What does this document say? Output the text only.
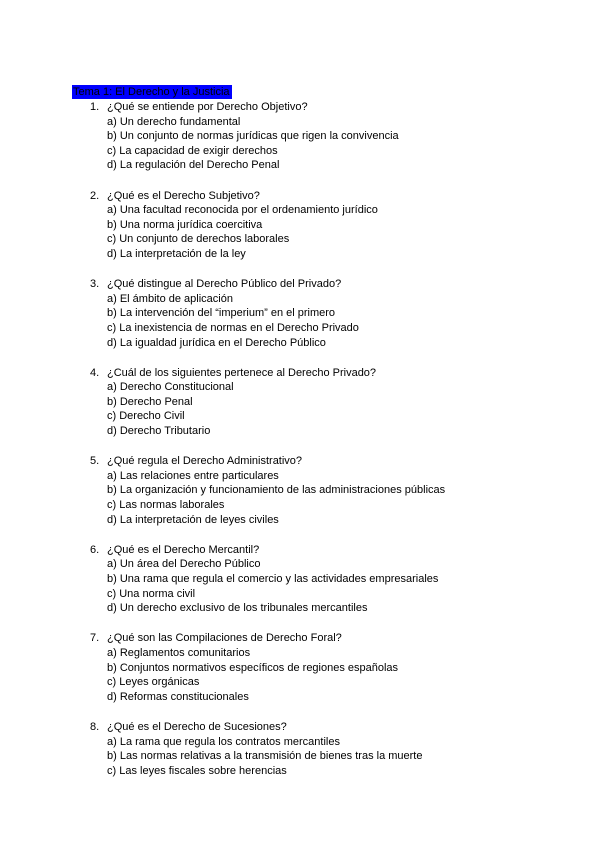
Tema 1: El Derecho y la Justicia
1. ¿Qué se entiende por Derecho Objetivo?
a) Un derecho fundamental
b) Un conjunto de normas jurídicas que rigen la convivencia
c) La capacidad de exigir derechos
d) La regulación del Derecho Penal
2. ¿Qué es el Derecho Subjetivo?
a) Una facultad reconocida por el ordenamiento jurídico
b) Una norma jurídica coercitiva
c) Un conjunto de derechos laborales
d) La interpretación de la ley
3. ¿Qué distingue al Derecho Público del Privado?
a) El ámbito de aplicación
b) La intervención del “imperium” en el primero
c) La inexistencia de normas en el Derecho Privado
d) La igualdad jurídica en el Derecho Público
4. ¿Cuál de los siguientes pertenece al Derecho Privado?
a) Derecho Constitucional
b) Derecho Penal
c) Derecho Civil
d) Derecho Tributario
5. ¿Qué regula el Derecho Administrativo?
a) Las relaciones entre particulares
b) La organización y funcionamiento de las administraciones públicas
c) Las normas laborales
d) La interpretación de leyes civiles
6. ¿Qué es el Derecho Mercantil?
a) Un área del Derecho Público
b) Una rama que regula el comercio y las actividades empresariales
c) Una norma civil
d) Un derecho exclusivo de los tribunales mercantiles
7. ¿Qué son las Compilaciones de Derecho Foral?
a) Reglamentos comunitarios
b) Conjuntos normativos específicos de regiones españolas
c) Leyes orgánicas
d) Reformas constitucionales
8. ¿Qué es el Derecho de Sucesiones?
a) La rama que regula los contratos mercantiles
b) Las normas relativas a la transmisión de bienes tras la muerte
c) Las leyes fiscales sobre herencias
